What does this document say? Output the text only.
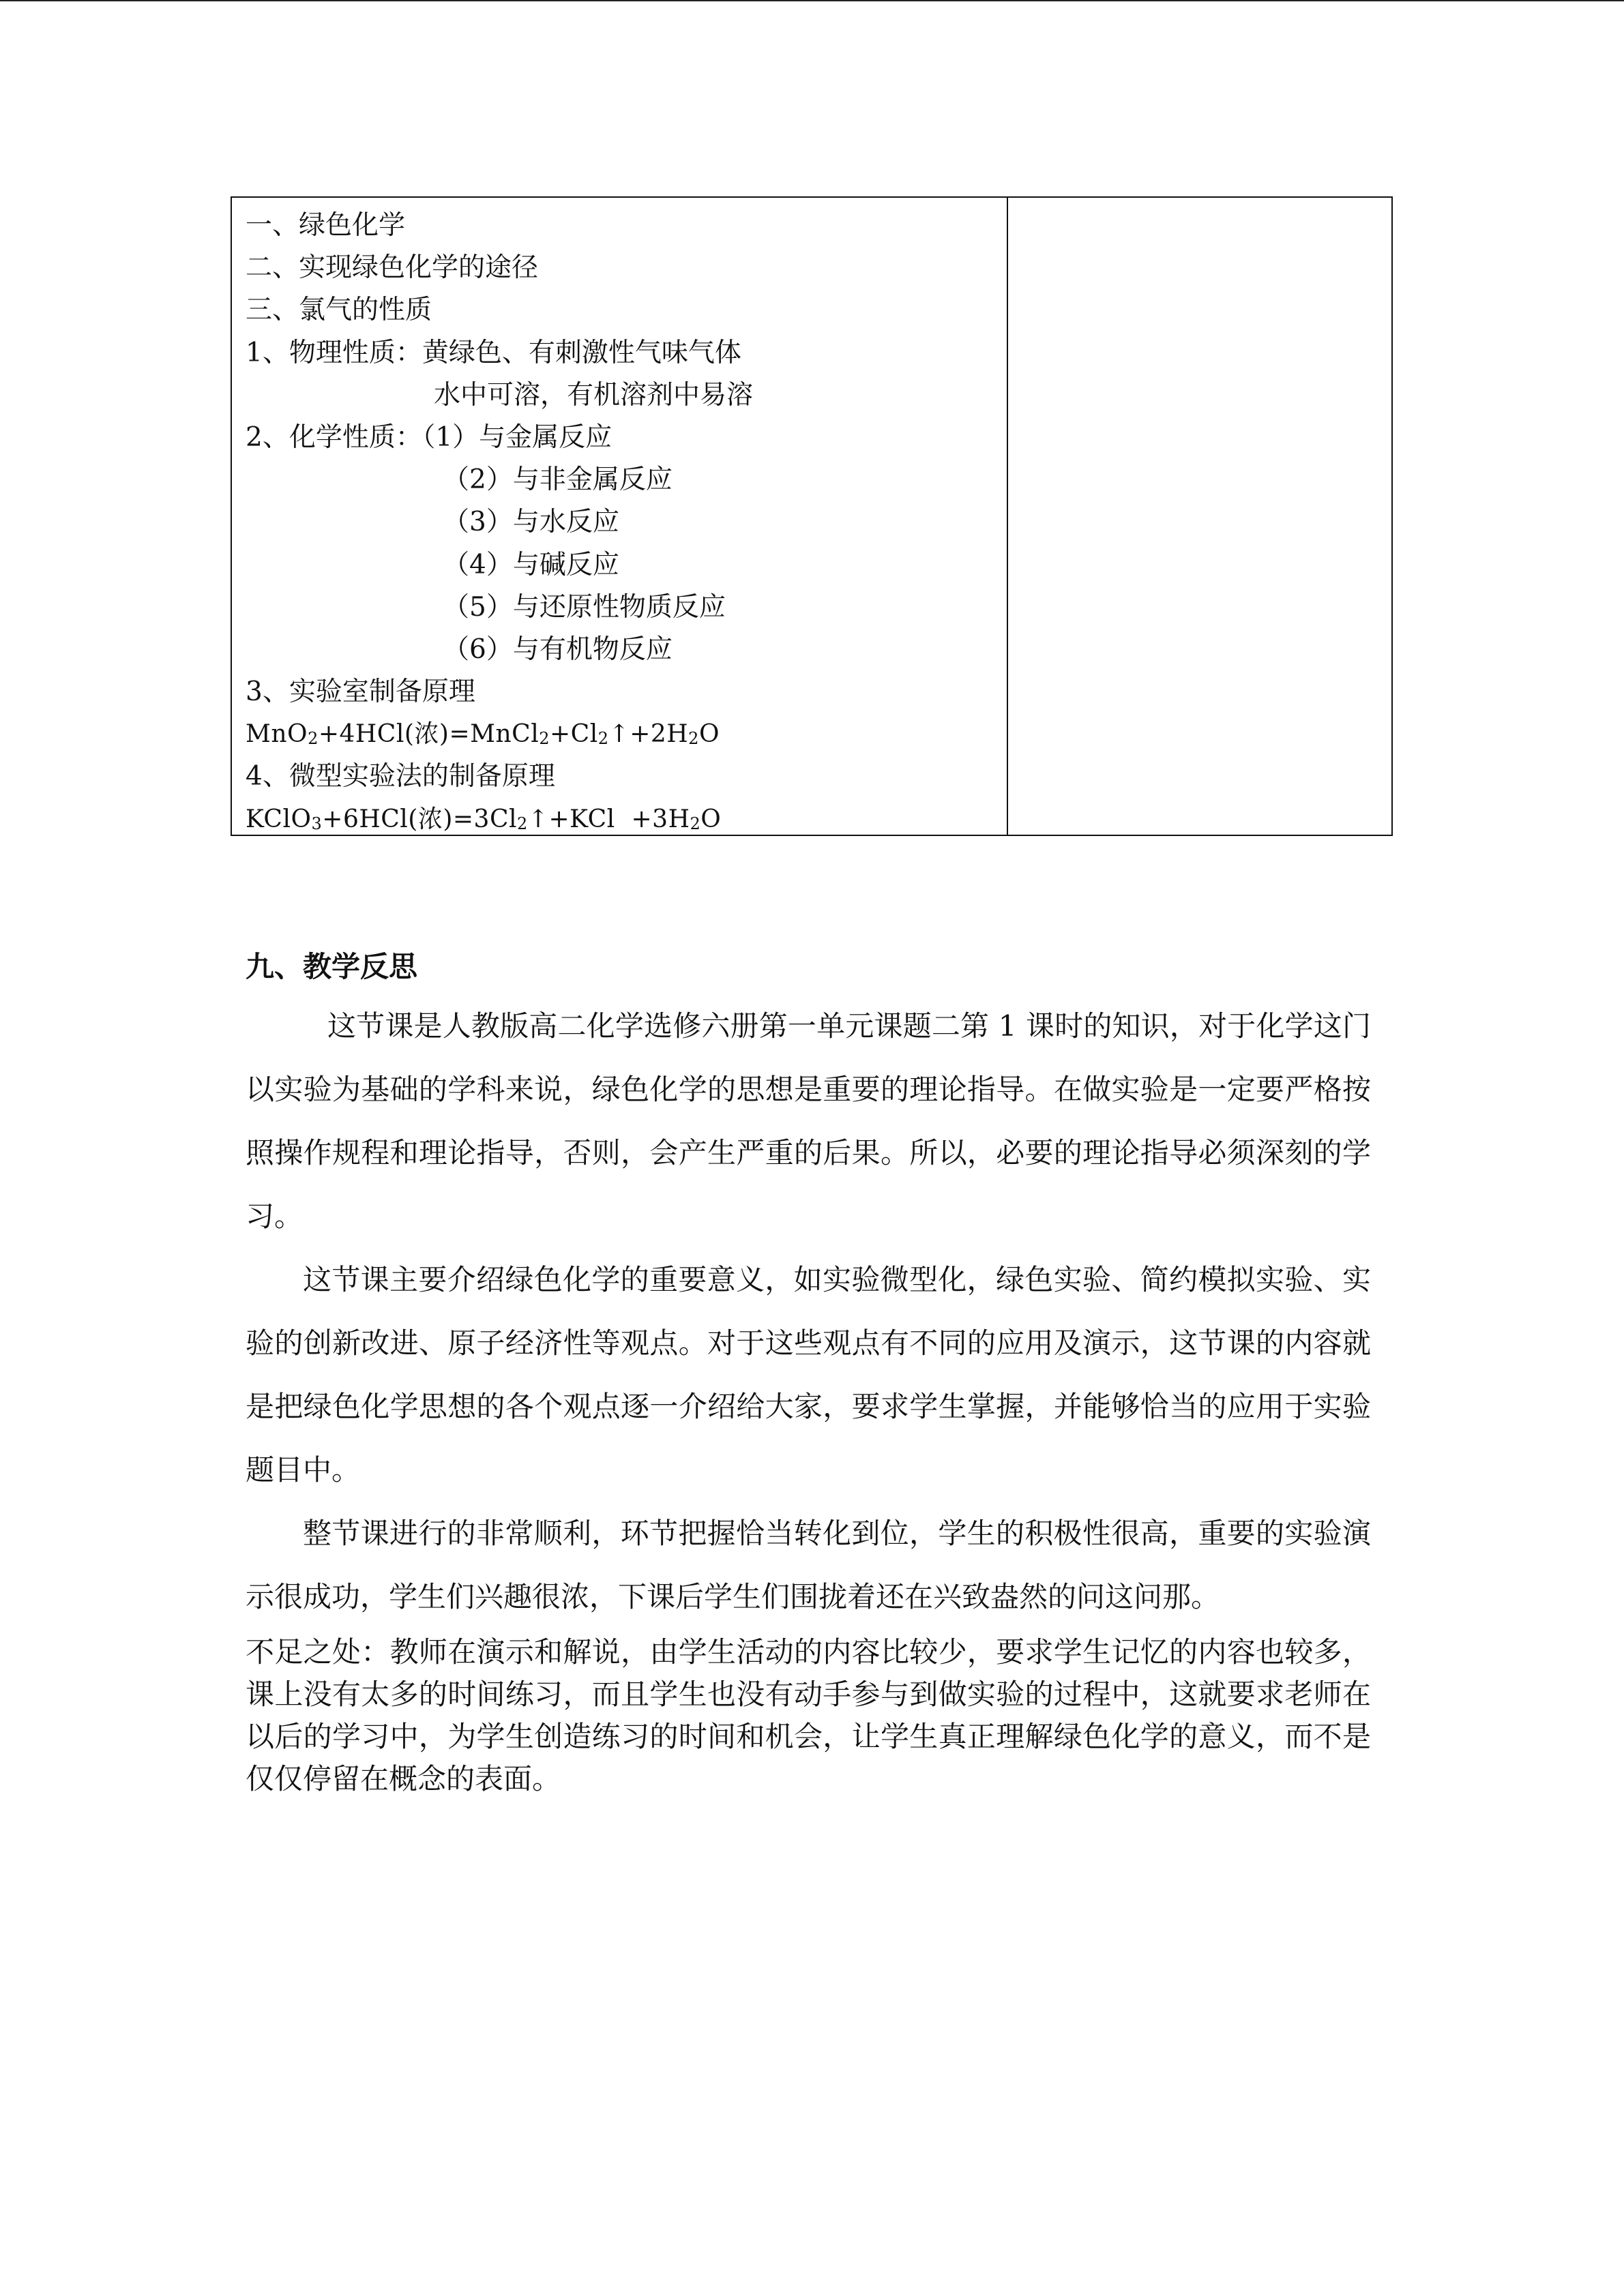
一、绿色化学
二、实现绿色化学的途径
三、氯气的性质
1、物理性质：黄绿色、有刺激性气味气体
水中可溶，有机溶剂中易溶
2、化学性质：（1）与金属反应
（2）与非金属反应
（3）与水反应
（4）与碱反应
（5）与还原性物质反应
（6）与有机物反应
3、实验室制备原理
MnO$_2$+4HCl(浓)$=MnCl_2+Cl_2↑+2H_2O$
4、微型实验法的制备原理
KClO$_3$+6HCl(浓)$=3Cl_2↑+KCl +3H_2O$
九、教学反思

这节课是人教版高二化学选修六册第一单元课题二第 1 课时的知识，对于化学这门以实验为基础的学科来说，绿色化学的思想是重要的理论指导。在做实验是一定要严格按照操作规程和理论指导，否则，会产生严重的后果。所以，必要的理论指导必须深刻的学习。

这节课主要介绍绿色化学的重要意义，如实验微型化，绿色实验、简约模拟实验、实验的创新改进、原子经济性等观点。对于这些观点有不同的应用及演示，这节课的内容就是把绿色化学思想的各个观点逐一介绍给大家，要求学生掌握，并能够恰当的应用于实验题目中。

整节课进行的非常顺利，环节把握恰当转化到位，学生的积极性很高，重要的实验演示很成功，学生们兴趣很浓，下课后学生们围拢着还在兴致盎然的问这问那。

不足之处：教师在演示和解说，由学生活动的内容比较少，要求学生记忆的内容也较多，课上没有太多的时间练习，而且学生也没有动手参与到做实验的过程中，这就要求老师在以后的学习中，为学生创造练习的时间和机会，让学生真正理解绿色化学的意义，而不是仅仅停留在概念的表面。
